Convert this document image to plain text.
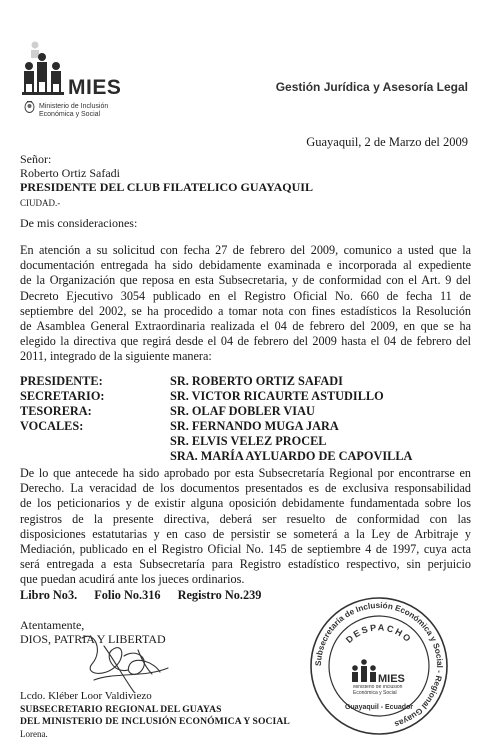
MIES
Ministerio de Inclusión
Económica y Social
Gestión Jurídica y Asesoría Legal
Guayaquil, 2 de Marzo del 2009
Señor:
Roberto Ortiz Safadi
PRESIDENTE DEL CLUB FILATELICO GUAYAQUIL
CIUDAD.-
De mis consideraciones:
En atención a su solicitud con fecha 27 de febrero del 2009, comunico a usted que la
documentación entregada ha sido debidamente examinada e incorporada al expediente
de la Organización que reposa en esta Subsecretaria, y de conformidad con el Art. 9 del
Decreto Ejecutivo 3054 publicado en el Registro Oficial No. 660 de fecha 11 de
septiembre del 2002, se ha procedido a tomar nota con fines estadísticos la Resolución
de Asamblea General Extraordinaria realizada el 04 de febrero del 2009, en que se ha
elegido la directiva que regirá desde el 04 de febrero del 2009 hasta el 04 de febrero del
2011, integrado de la siguiente manera:
PRESIDENTE:	SR. ROBERTO ORTIZ SAFADI
SECRETARIO:	SR. VICTOR RICAURTE ASTUDILLO
TESORERA:	SR. OLAF DOBLER VIAU
VOCALES:	SR. FERNANDO MUGA JARA
SR. ELVIS VELEZ PROCEL
SRA. MARÍA AYLUARDO DE CAPOVILLA
De lo que antecede ha sido aprobado por esta Subsecretaría Regional por encontrarse en
Derecho. La veracidad de los documentos presentados es de exclusiva responsabilidad
de los peticionarios y de existir alguna oposición debidamente fundamentada sobre los
registros de la presente directiva, deberá ser resuelto de conformidad con las
disposiciones estatutarias y en caso de persistir se someterá a la Ley de Arbitraje y
Mediación, publicado en el Registro Oficial No. 145 de septiembre 4 de 1997, cuya acta
será entregada a esta Subsecretaría para Registro estadístico respectivo, sin perjuicio
que puedan acudirá ante los jueces ordinarios.
Libro No3. Folio No.316 Registro No.239
Atentamente,
DIOS, PATRIA Y LIBERTAD
Lcdo. Kléber Loor Valdiviezo
SUBSECRETARIO REGIONAL DEL GUAYAS
DEL MINISTERIO DE INCLUSIÓN ECONÓMICA Y SOCIAL
Lorena.
Subsecretaría de Inclusión Económica y Social - Regional Guayas
DESPACHO
MIES
Ministerio de Inclusión Económica y Social
Guayaquil - Ecuador
